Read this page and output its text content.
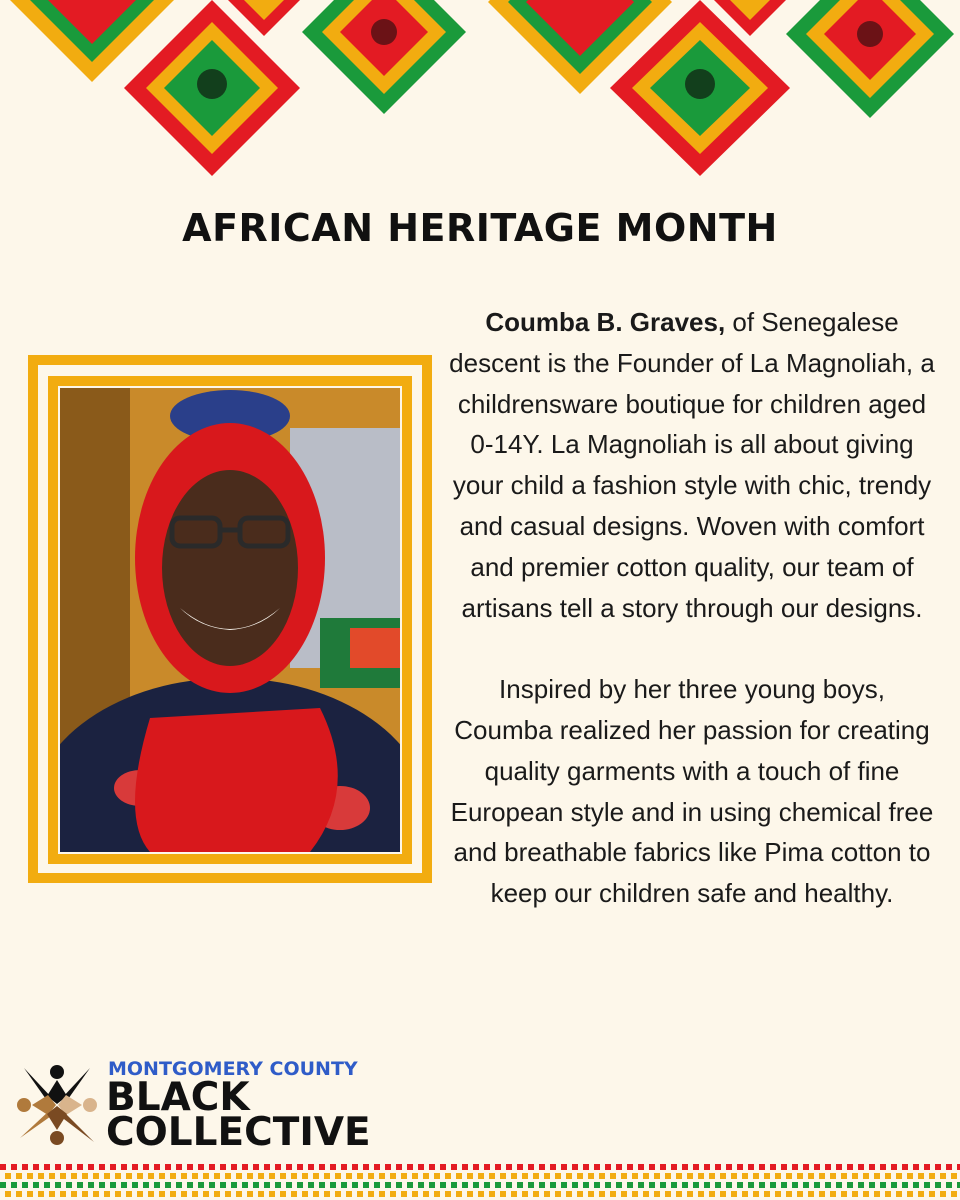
AFRICAN HERITAGE MONTH

Coumba B. Graves, of Senegalese descent is the Founder of La Magnoliah, a childrensware boutique for children aged 0-14Y. La Magnoliah is all about giving your child a fashion style with chic, trendy and casual designs. Woven with comfort and premier cotton quality, our team of artisans tell a story through our designs.

Inspired by her three young boys, Coumba realized her passion for creating quality garments with a touch of fine European style and in using chemical free and breathable fabrics like Pima cotton to keep our children safe and healthy.

MONTGOMERY COUNTY

BLACK

COLLECTIVE
